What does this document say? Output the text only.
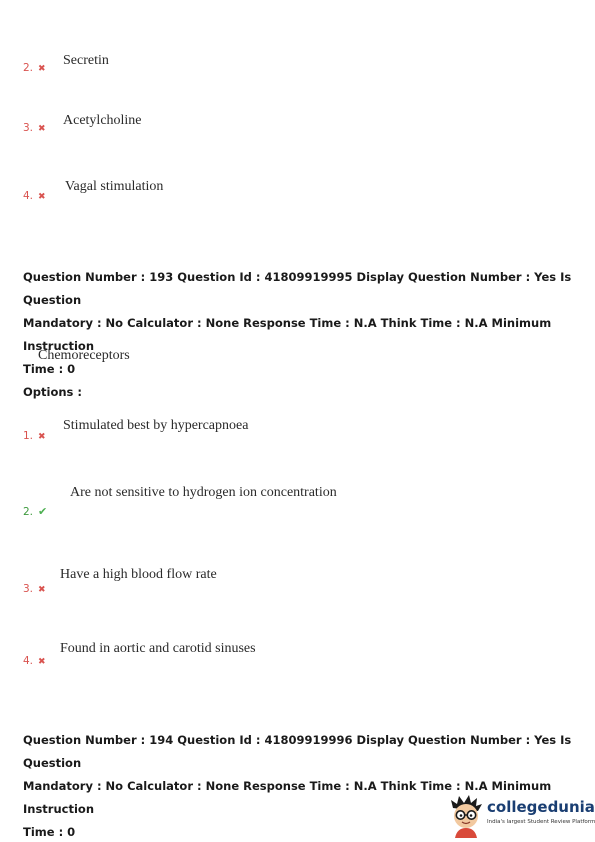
2. ✖
Secretin
3. ✖
Acetylcholine
4. ✖
Vagal stimulation
Question Number : 193 Question Id : 41809919995 Display Question Number : Yes Is Question
Mandatory : No Calculator : None Response Time : N.A Think Time : N.A Minimum Instruction
Time : 0
Chemoreceptors
Options :
1. ✖
Stimulated best by hypercapnoea
2. ✔
Are not sensitive to hydrogen ion concentration
3. ✖
Have a high blood flow rate
4. ✖
Found in aortic and carotid sinuses
Question Number : 194 Question Id : 41809919996 Display Question Number : Yes Is Question
Mandatory : No Calculator : None Response Time : N.A Think Time : N.A Minimum Instruction
Time : 0
collegedunia
India's largest Student Review Platform
